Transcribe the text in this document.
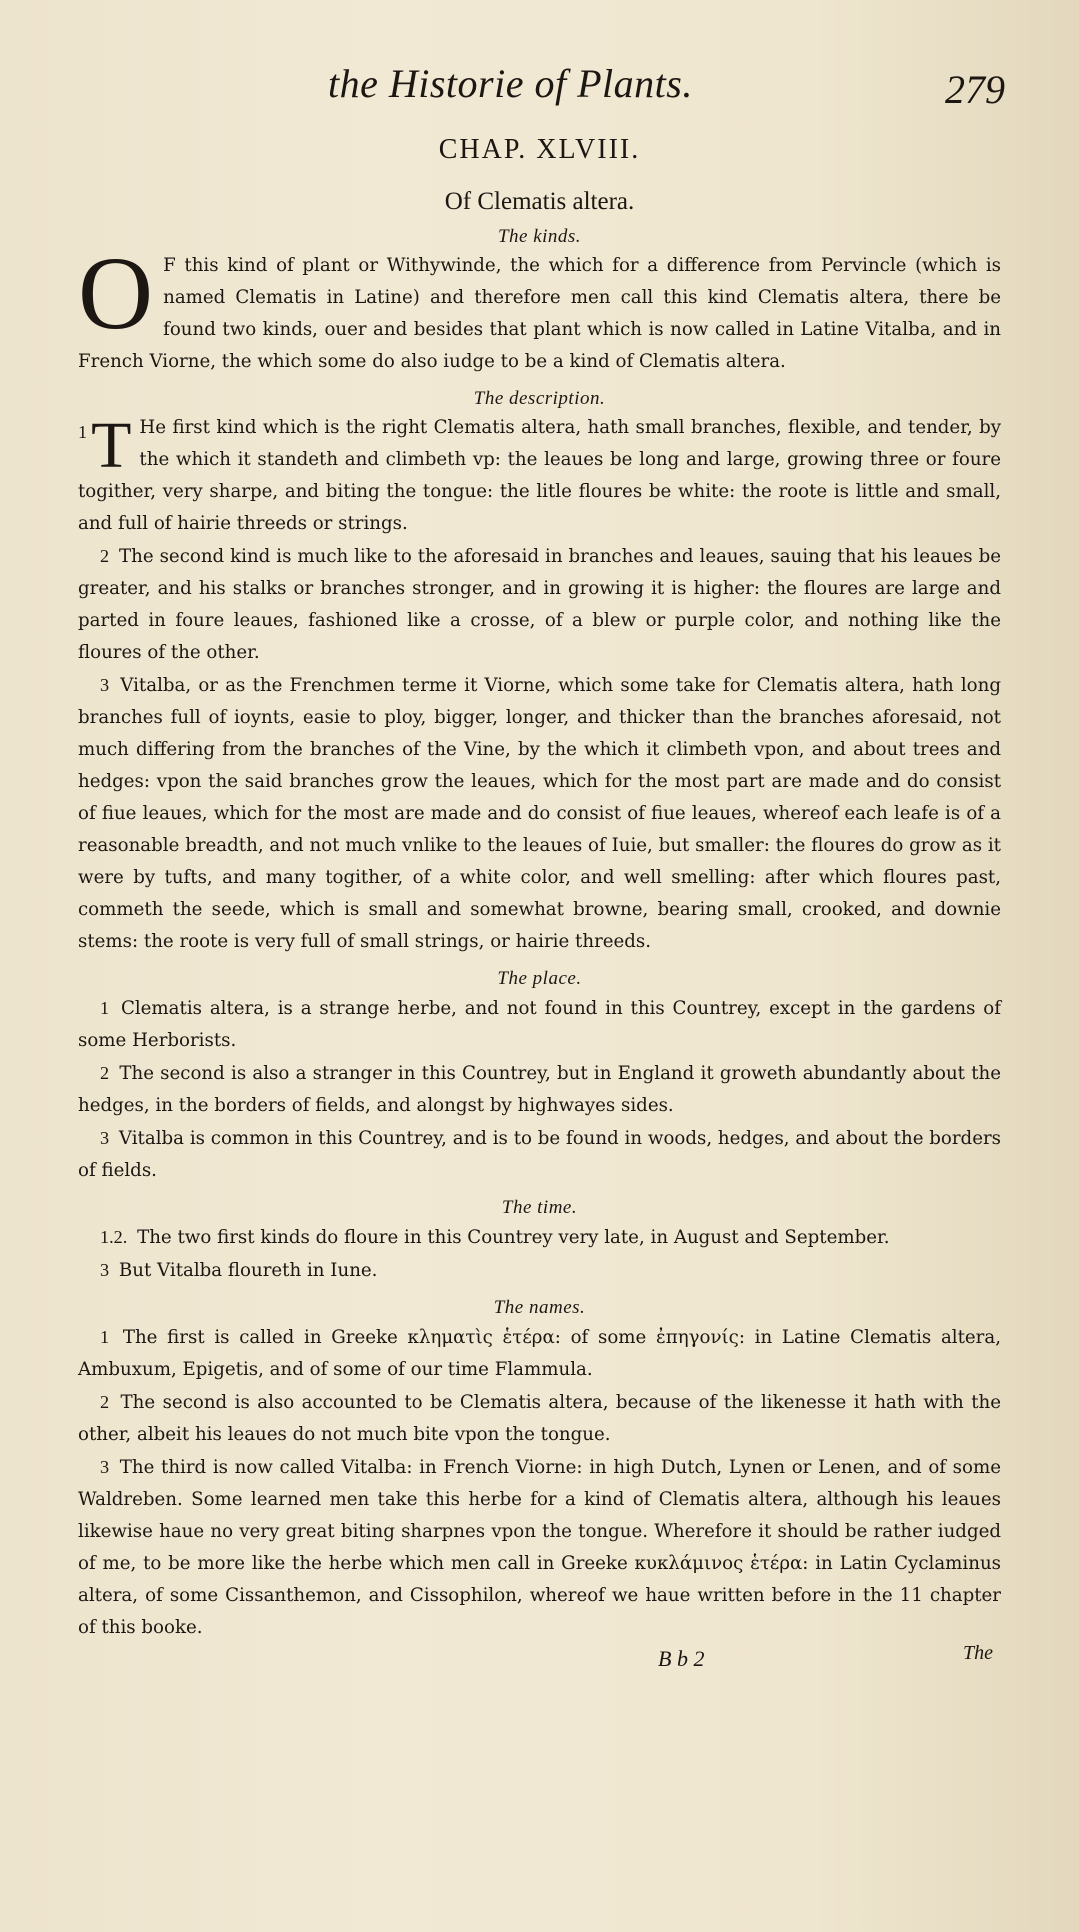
the Historie of Plants.	279
CHAP. XLVIII.
Of Clematis altera.
The kinds.

O F this kind of plant or Withywinde, the which for a difference from Pervincle (which is named Clematis in Latine) and therefore men call this kind Clematis altera, there be found two kinds, ouer and besides that plant which is now called in Latine Vitalba, and in French Viorne, the which some do also iudge to be a kind of Clematis altera.

The description.

1 T He first kind which is the right Clematis altera, hath small branches, flexible, and tender, by the which it standeth and climbeth vp: the leaues be long and large, growing three or foure togither, very sharpe, and biting the tongue: the litle floures be white: the roote is little and small, and full of hairie threeds or strings.

2 The second kind is much like to the aforesaid in branches and leaues, sauing that his leaues be greater, and his stalks or branches stronger, and in growing it is higher: the floures are large and parted in foure leaues, fashioned like a crosse, of a blew or purple color, and nothing like the floures of the other.

3 Vitalba, or as the Frenchmen terme it Viorne, which some take for Clematis altera, hath long branches full of ioynts, easie to ploy, bigger, longer, and thicker than the branches aforesaid, not much differing from the branches of the Vine, by the which it climbeth vpon, and about trees and hedges: vpon the said branches grow the leaues, which for the most part are made and do consist of fiue leaues, which for the most are made and do consist of fiue leaues, whereof each leafe is of a reasonable breadth, and not much vnlike to the leaues of Iuie, but smaller: the floures do grow as it were by tufts, and many togither, of a white color, and well smelling: after which floures past, commeth the seede, which is small and somewhat browne, bearing small, crooked, and downie stems: the roote is very full of small strings, or hairie threeds.

The place.

1 Clematis altera, is a strange herbe, and not found in this Countrey, except in the gardens of some Herborists.

2 The second is also a stranger in this Countrey, but in England it groweth abundantly about the hedges, in the borders of fields, and alongst by highwayes sides.

3 Vitalba is common in this Countrey, and is to be found in woods, hedges, and about the borders of fields.

The time.

1.2. The two first kinds do floure in this Countrey very late, in August and September.

3 But Vitalba floureth in Iune.

The names.

1 The first is called in Greeke κληματὶς ἑτέρα: of some ἐπηγονίς: in Latine Clematis altera, Ambuxum, Epigetis, and of some of our time Flammula.

2 The second is also accounted to be Clematis altera, because of the likenesse it hath with the other, albeit his leaues do not much bite vpon the tongue.

3 The third is now called Vitalba: in French Viorne: in high Dutch, Lynen or Lenen, and of some Waldreben. Some learned men take this herbe for a kind of Clematis altera, although his leaues likewise haue no very great biting sharpnes vpon the tongue. Wherefore it should be rather iudged of me, to be more like the herbe which men call in Greeke κυκλάμινος ἑτέρα: in Latin Cyclaminus altera, of some Cissanthemon, and Cissophilon, whereof we haue written before in the 11 chapter of this booke.

B b 2	The
